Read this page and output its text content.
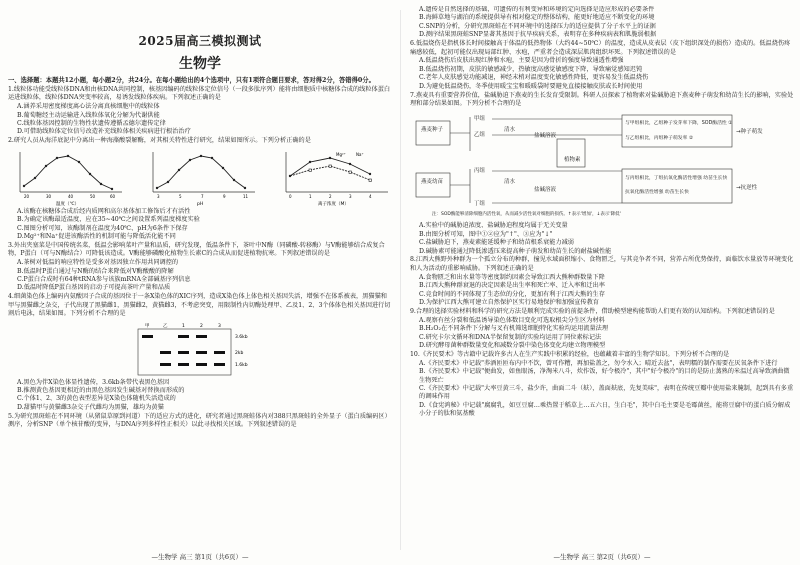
2025届高三模拟测试
生物学
一、选择题：本题共12小题，每小题2分，共24分。在每小题给出的4个选项中，只有1项符合题目要求，答对得2分，答错得0分。
1.线粒体功能受线粒体DNA和由核DNA共同控制，核基因编码的线粒体定位信号（一段多肽序列）能将由细胞质中核糖体合成的线粒体蛋白运进线粒体，线粒体DNA突变率较高，易诱发线粒体疾病。下列叙述正确的是
A.涵养采用密度梯度离心法分离真核细胞中的线粒体
B.葡萄糖经主动运输进入线粒体氧化分解为代谢供能
C.线粒体基因控制的生物性状遗传遵循孟德尔遗传定律
D.可借助线粒体定位信号改造补充线粒体相关疾病进行根治治疗
2.研究人员从海洋底泥中分离出一种海藻酸裂解酶，对其相关特性进行研究，结果如图所示。下列分析正确的是
20	30	40	50	60
温度（℃）
3	5	7	9	11
pH
Mg²⁺	Na⁺
0	1	2	3	4
离子浓度（M）
A.该酶在核糖体合成后经内质网和高尔基体加工修饰后才有活性
B.为确定该酶最适温度，应在35~40℃之间设置系列温度梯度实验
C.图图分析可知，该酶制剂在温度为40℃、pH为6条件下保存
D.Mg²⁺和Na⁺促进该酶活性的机制可能与降低活化能不同
3.外出夹塞菜是中国传统名菜，低温会影响菜叶产量和品质，研究发现，低温条件下，茶叶中N酶（同磷酸-转移酶）与V酶能够结合成复合物，P蛋白（可与N酶结合）可降低该造成。V酶能够磷酸化植物生长素C的合成从而促进植物抗寒。下列叙述错误的是
A.茶树对低温的响应特性是受多对基因独立作用共同调控的
B.低温时P蛋白通过与N酶的结合来降低对V酶酸酸的降解
C.P蛋白合成时有64种tRNA参与该族mRNA全部碱基序列信息
D.低温时降低P蛋白基因的启动子可提高茶叶产量和品质
4.细菌染色体上编码内氨酸因子合成的基因位于一条X染色体的XIC序列，造成X染色体上体色相关基因失活，增强不在体系被表，黑猫猫和甲与黑猫雌之杂交，子代出现了黑猫雌1，黑猫雌2，黄猫雌3，不考虑突变，用限制性内切酶处理甲、乙及1、2、3个体体色相关基因进行切割后电泳，结果如图。下列分析不合理的是
甲	乙	1	2	3
3.6kb
2kb
1.6kb
A.黑色为伴X染色体显性遗传，3.6kb条带代表黑色基因
B.推测黄色基因更相近的由黑色基因发生碱基对替换而形成的
C.个体1、2、3的黄色表型差异是X染色体随机失活造成的
D.甜猫甲与黄猫雌3杂交子代雌均为黑猫，雄均为黄猫
5.为研究黑斑蛙在不同环境（从猪鼠草原到河道）下的适应方式的进化，研究者通过黑斑蛙体内对388只黑斑蛙的全外显子（蛋白质编码区）测序，分析SNP（单个核苷酸的变异，与DNA序列多样性正相关）以此寻找相关区域。下列叙述错误的是
—生物学 高三 第1页（共6页）—
A.遗传是自然选择的基础，可遗传的有利变异和环境的定向选择是适应形成的必要条件
B.海鲜草地与湖泊的系统提供导有相对稳定的整体结构，能更好地适应不断变化的环境
C.SNP的分析，分研究黑斑蛙在不同环境中的选择压力的适应提供了分子水平上的证据
D.测序结果黑斑蛙SNP显著其基因于抗旱疾病关系，表明存在多种疾病表和肌脆弱根据
6.低温烧伤是指机体长时间接触高于体温的低热物体（大约44~50℃）的温度，造成从皮表层（皮下组织深处的损伤）造成的。低温烧伤疼痛感较低，起初可能仅出现局部红肿、水疱，严重者会造成深层肌肉组织坏死。下列叙述错误的是
A.低温烧伤后皮肤出现红肿和水疱，主要是因为骨折的强度导致通透性增强
B.低温烧伤初期，皮肤的敏感减少，热敏度高感觉敏感度下降，导致痛觉感知迟钝
C.老年人皮肤感觉功能减退，神经末梢对温度变化敏感性降低，更容易发生低温烧伤
D.为避免低温烧伤，冬季使用暖宝宝和暖暖袋时要避免直接接触皮肤或长时间使用
7.燕麦具有重要营养价值，盐碱胁迫下燕麦的生长发育受限制。科研人员探索了植物素对盐碱胁迫下燕麦种子萌发和幼苗生长的影响，实验处理和部分结果如图。下列分析不合理的是
燕麦种子
燕麦幼苗
甲组
乙组
丙组
丁组
清水
盐碱溶液
清水
盐碱溶液
植物素
与甲组相比，乙组种子发芽率下降，SOD酶活性 ①
与乙组相比，丙组种子萌发率 ②
与丙组相比，丁组抗氧化酶活性增强 幼苗生长快
抗氧化酶活性增强 幼苗生长快
→种子萌发
→抗逆性
注：SOD酶能够清除细胞内活性氧，从而减少活性氧对细胞的损伤。↑表示'增加'，↓表示'降低'
A.实验中的碱胁迫浓度、盐碱胁迫程度均属于无关变量
B.由图分析可知，图中①②应为"↑"、③应为"↓"
C.盐碱胁迫下，燕麦素能延缓种子和幼苗根系衰能力减弱
D.碱胁素可能通过降低渗透压来提高种子萌发和幼苗生长的耐盐碱性能
8.江西大熊野外种群为一个孤立分布的种群，撞见水域面积缩小、食物匮乏，与其竞争者不同，营养占所优势保持，面临饮水量放等环境变化和人为活动的重影响威胁。下列叙述正确的是
A.食物匮乏和出水量等等密度制约因素会导致江西大熊种群数量下降
B.江西大熊种群衰退的决定因素是出生率和死亡率、迁入率和迁出率
C.竞食时间的不同体现了生态位的分化，更加有利于江西大熊的生存
D.为保护江西大熊可建立自然保护区实行易地保护和加强宣传教育
9.合理的选择实验材料和科学的研究方法是顺利完成实验的前提条件，借助模型建构能帮助人们更有效的认知结构。下列叙述错误的是
A.观察有丝分裂和低温诱导染色体数目变化可选取根尖分生区为材料
B.H₂O₂在不同条件下分解与叉有机筛选细胞特化实验均运用流量法理
C.研究卡尔文循环和DNA半保留复制的实验均运用了同位素标记法
D.研究酵母菌种群数量变化和减数分裂中染色体变化均建立物理模型
10.《齐民要术》等古籍中记载许多古人在生产实践中积累的经验，也蕴藏着丰富的生物学知识。下列分析不合理的是
A.《齐民要术》中记载"荞酒匝匝布内中不饮，曾可作糟，再加盐盖之，勿令水入；晴近去盆"，表明糯的制作需要在厌氧条件下进行
B.《齐民要术》中记载"便曲发，如鱼眼汤，净淘米八斗，炊作饭，好令极冷"，其中"好令极冷"的目的是防止蒸熟的米温过高导致酒曲微生物死亡
C.《齐民要术》中记载"大率豆黄三斗，盐少许，曲面二斗（麸），盖面麸底，先复美味"，表明在传统豆瓣中使用盐来腌制，起到具有多重的调味作用
D.《食宪鸿秘》中记载"腐腐乳，如豆豆腐…乘热置于稻草上…五六日，生白毛"，其中白毛主要是毛霉菌丝，能将豆腐中的蛋白质分解成小分子的肽和氨基酸
—生物学 高三 第2页（共6页）—
